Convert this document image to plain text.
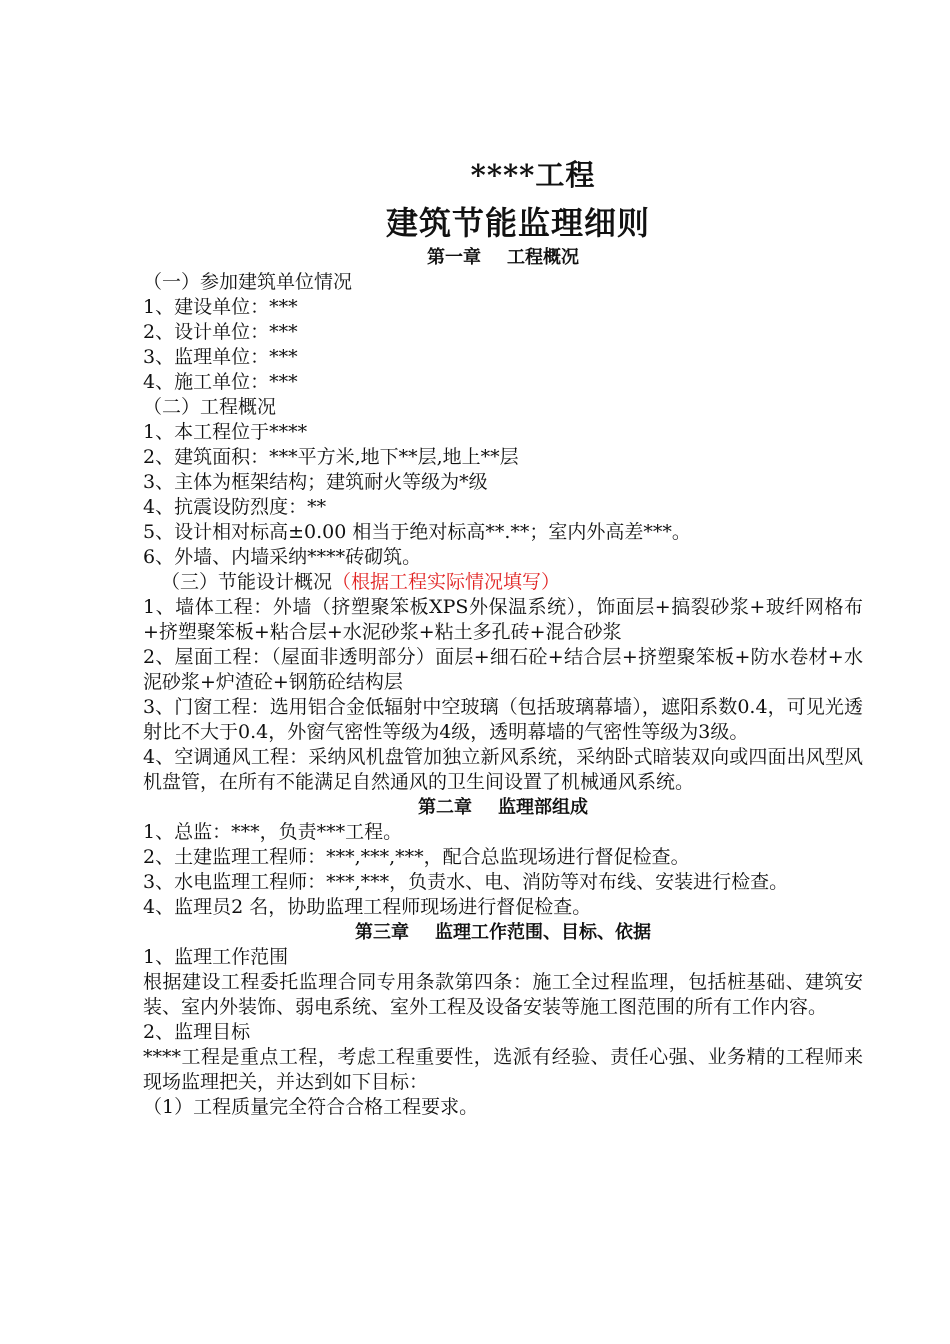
****工程
建筑节能监理细则
第一章 工程概况
（一）参加建筑单位情况
1、建设单位：***
2、设计单位：***
3、监理单位：***
4、施工单位：***
（二）工程概况
1、本工程位于****
2、建筑面积：***平方米,地下**层,地上**层
3、主体为框架结构；建筑耐火等级为*级
4、抗震设防烈度：**
5、设计相对标高±0.00 相当于绝对标高**.**；室内外高差***。
6、外墙、内墙采纳****砖砌筑。
（三）节能设计概况（根据工程实际情况填写）
1、墙体工程：外墙（挤塑聚笨板XPS外保温系统），饰面层+搞裂砂浆+玻纤网格布+挤塑聚笨板+粘合层+水泥砂浆+粘土多孔砖+混合砂浆
2、屋面工程：（屋面非透明部分）面层+细石砼+结合层+挤塑聚笨板+防水卷材+水泥砂浆+炉渣砼+钢筋砼结构层
3、门窗工程：选用铝合金低辐射中空玻璃（包括玻璃幕墙），遮阳系数0.4，可见光透射比不大于0.4，外窗气密性等级为4级，透明幕墙的气密性等级为3级。
4、空调通风工程：采纳风机盘管加独立新风系统，采纳卧式暗装双向或四面出风型风机盘管，在所有不能满足自然通风的卫生间设置了机械通风系统。
第二章 监理部组成
1、总监：***，负责***工程。
2、土建监理工程师：***,***,***，配合总监现场进行督促检查。
3、水电监理工程师：***,***，负责水、电、消防等对布线、安装进行检查。
4、监理员2 名，协助监理工程师现场进行督促检查。
第三章 监理工作范围、目标、依据
1、监理工作范围
根据建设工程委托监理合同专用条款第四条：施工全过程监理，包括桩基础、建筑安装、室内外装饰、弱电系统、室外工程及设备安装等施工图范围的所有工作内容。
2、监理目标
****工程是重点工程，考虑工程重要性，选派有经验、责任心强、业务精的工程师来现场监理把关，并达到如下目标：
（1）工程质量完全符合合格工程要求。
